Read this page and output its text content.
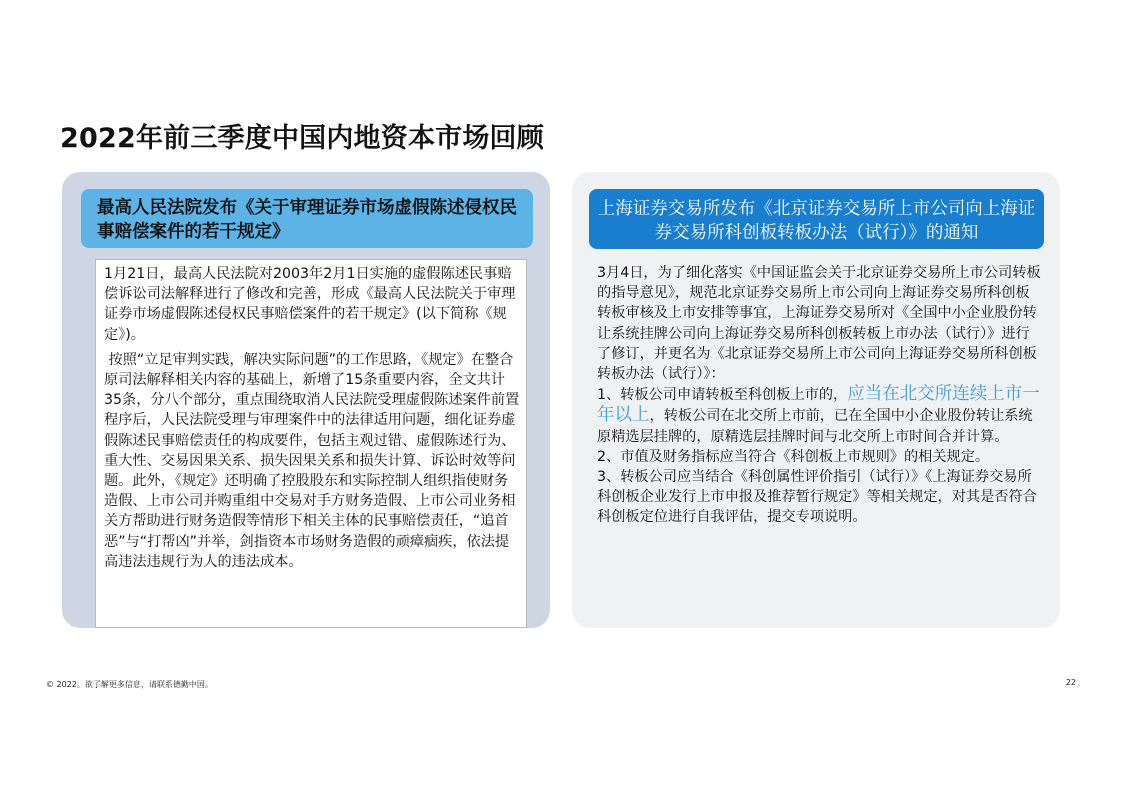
2022年前三季度中国内地资本市场回顾
最高人民法院发布《关于审理证券市场虚假陈述侵权民事赔偿案件的若干规定》
上海证券交易所发布《北京证券交易所上市公司向上海证券交易所科创板转板办法（试行）》的通知

1月21日，最高人民法院对2003年2月1日实施的虚假陈述民事赔偿诉讼司法解释进行了修改和完善，形成《最高人民法院关于审理证券市场虚假陈述侵权民事赔偿案件的若干规定》(以下简称《规定》)。

按照“立足审判实践，解决实际问题”的工作思路，《规定》在整合原司法解释相关内容的基础上，新增了15条重要内容，全文共计35条，分八个部分，重点围绕取消人民法院受理虚假陈述案件前置程序后，人民法院受理与审理案件中的法律适用问题，细化证券虚假陈述民事赔偿责任的构成要件，包括主观过错、虚假陈述行为、重大性、交易因果关系、损失因果关系和损失计算、诉讼时效等问题。此外，《规定》还明确了控股股东和实际控制人组织指使财务造假、上市公司并购重组中交易对手方财务造假、上市公司业务相关方帮助进行财务造假等情形下相关主体的民事赔偿责任，“追首恶”与“打帮凶”并举，剑指资本市场财务造假的顽瘴痼疾，依法提高违法违规行为人的违法成本。

3月4日，为了细化落实《中国证监会关于北京证券交易所上市公司转板的指导意见》，规范北京证券交易所上市公司向上海证券交易所科创板转板审核及上市安排等事宜，上海证券交易所对《全国中小企业股份转让系统挂牌公司向上海证券交易所科创板转板上市办法（试行）》进行了修订，并更名为《北京证券交易所上市公司向上海证券交易所科创板转板办法（试行）》：

1、转板公司申请转板至科创板上市的，应当在北交所连续上市一年以上，转板公司在北交所上市前，已在全国中小企业股份转让系统原精选层挂牌的，原精选层挂牌时间与北交所上市时间合并计算。

2、市值及财务指标应当符合《科创板上市规则》的相关规定。

3、转板公司应当结合《科创属性评价指引（试行）》《上海证券交易所科创板企业发行上市申报及推荐暂行规定》等相关规定，对其是否符合科创板定位进行自我评估，提交专项说明。

© 2022。欲了解更多信息，请联系德勤中国。	22
